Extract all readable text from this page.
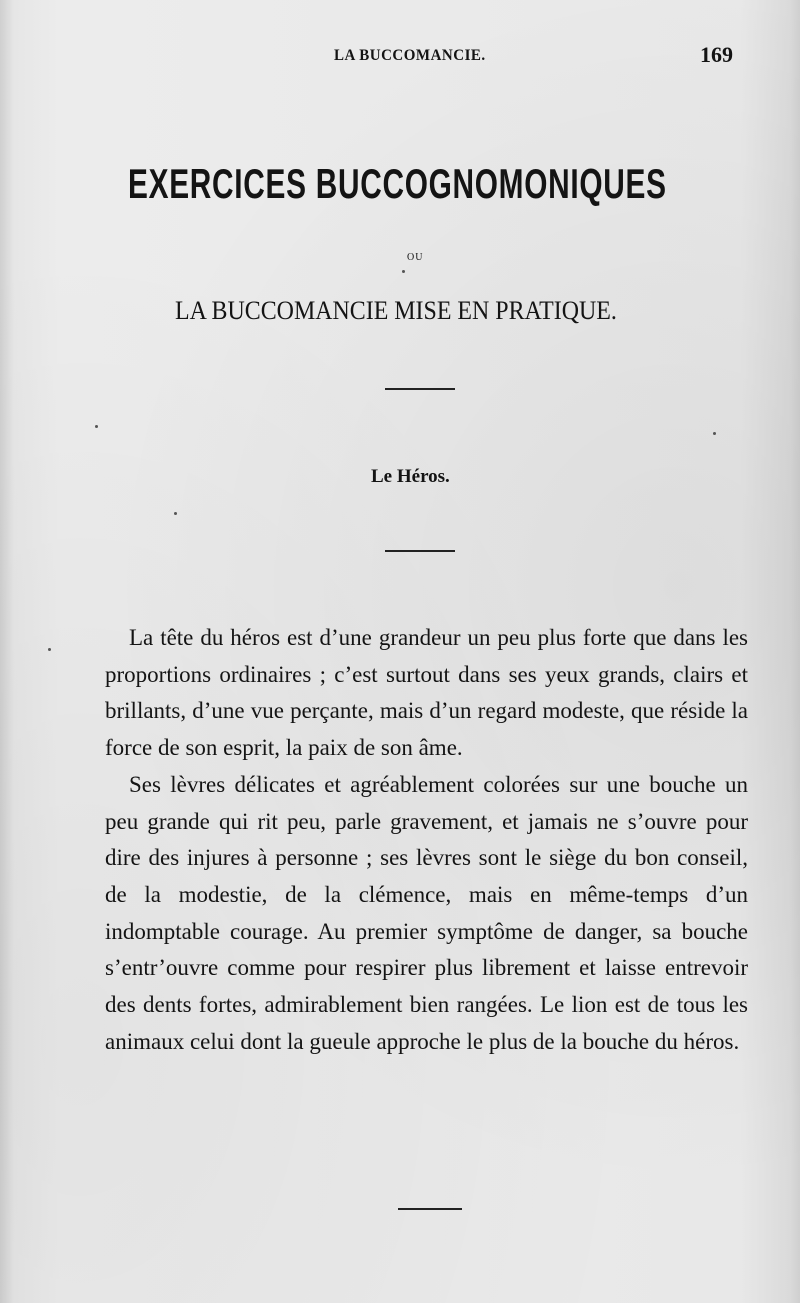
LA BUCCOMANCIE.	169
EXERCICES BUCCOGNOMONIQUES
OU
LA BUCCOMANCIE MISE EN PRATIQUE.
Le Héros.

La tête du héros est d’une grandeur un peu plus forte que dans les proportions ordinaires ; c’est surtout dans ses yeux grands, clairs et brillants, d’une vue perçante, mais d’un regard modeste, que réside la force de son esprit, la paix de son âme.

Ses lèvres délicates et agréablement colorées sur une bouche un peu grande qui rit peu, parle gravement, et jamais ne s’ouvre pour dire des injures à personne ; ses lèvres sont le siège du bon conseil, de la modestie, de la clémence, mais en même-temps d’un indomptable courage. Au premier symptôme de danger, sa bouche s’entr’ouvre comme pour respirer plus librement et laisse entrevoir des dents fortes, admirablement bien rangées. Le lion est de tous les animaux celui dont la gueule approche le plus de la bouche du héros.
